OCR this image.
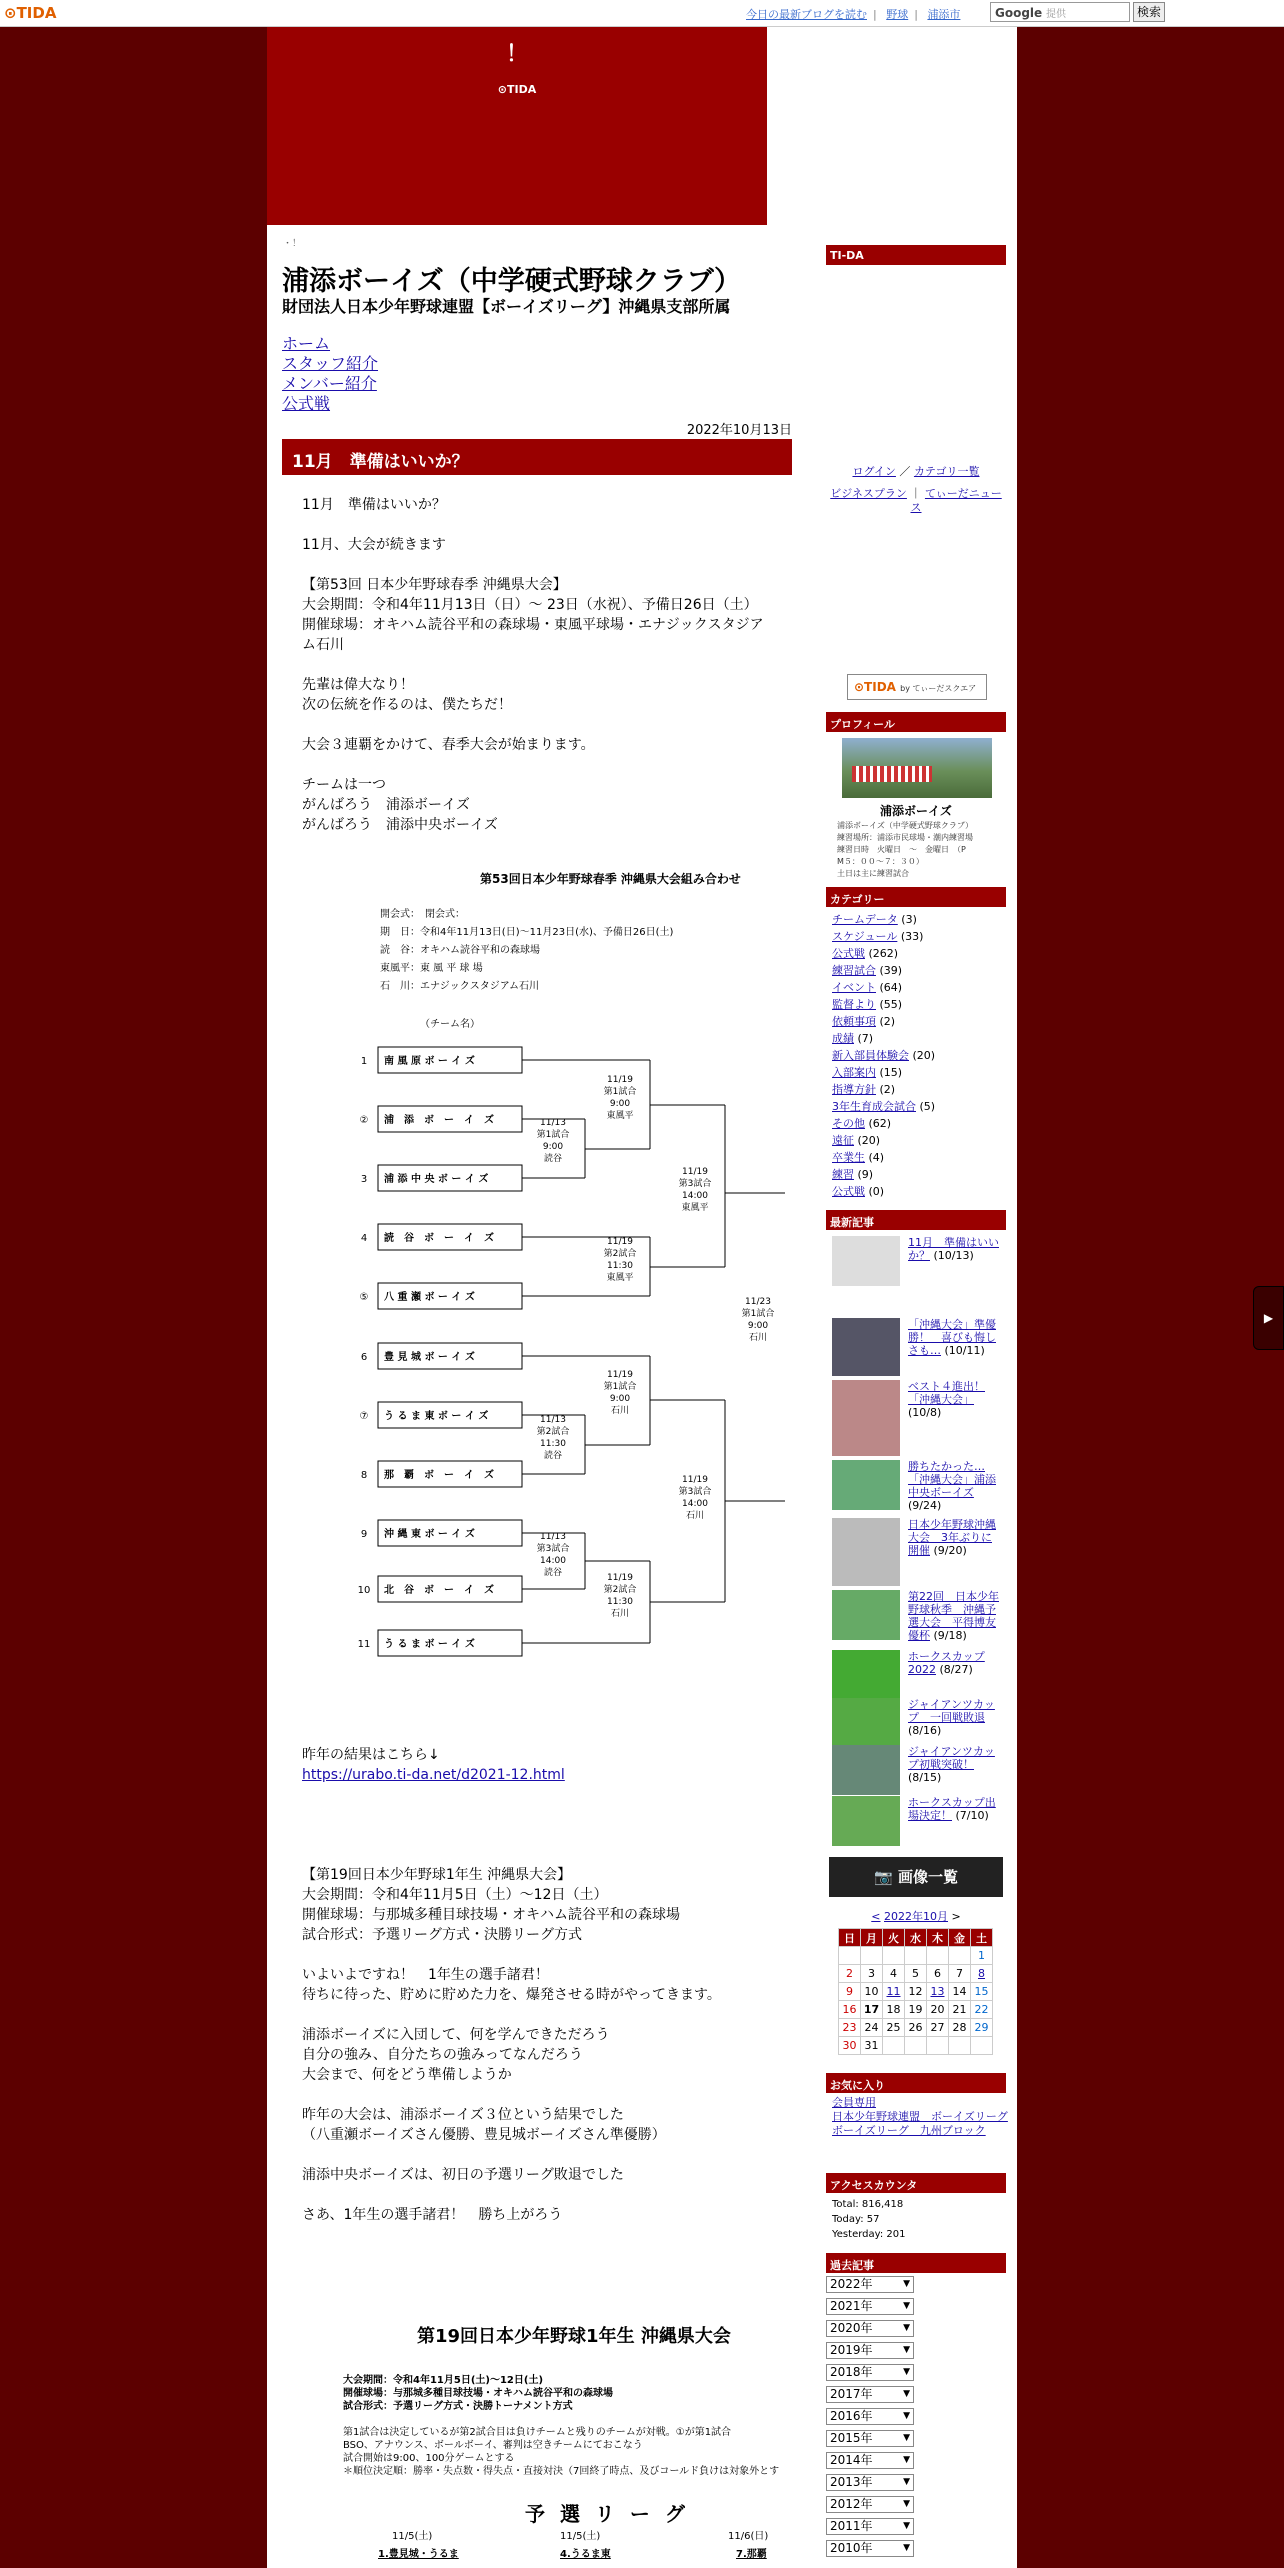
⊙TIDA	今日の最新ブログを読む | 野球 | 浦添市	Google 提供	検索
！
⊙TIDA
・！
浦添ボーイズ（中学硬式野球クラブ）
財団法人日本少年野球連盟【ボーイズリーグ】沖縄県支部所属
ホーム
スタッフ紹介
メンバー紹介
公式戦
2022年10月13日
11月　準備はいいか？

11月　準備はいいか？

11月、大会が続きます

【第53回 日本少年野球春季 沖縄県大会】

大会期間：令和4年11月13日（日）〜 23日（水祝）、予備日26日（土）

開催球場：オキハム読谷平和の森球場・東風平球場・エナジックスタジア

ム石川

先輩は偉大なり！

次の伝統を作るのは、僕たちだ！

大会３連覇をかけて、春季大会が始まります。

チームは一つ

がんばろう　浦添ボーイズ

がんばろう　浦添中央ボーイズ

第53回日本少年野球春季 沖縄県大会組み合わせ
開会式：　閉会式：
期　日：令和4年11月13日(日)〜11月23日(水)、予備日26日(土)
読　谷：オキハム読谷平和の森球場
東風平：東 風 平 球 場
石　川：エナジックスタジアム石川
（チーム名）
1 南 風 原 ボ ー イ ズ
② 浦　添　ボ　ー　イ　ズ
3 浦 添 中 央 ボ ー イ ズ
4 読　谷　ボ　ー　イ　ズ
⑤ 八 重 瀬 ボ ー イ ズ
6 豊 見 城 ボ ー イ ズ
⑦ う る ま 東 ボ ー イ ズ
8 那　覇　ボ　ー　イ　ズ
9 沖 縄 東 ボ ー イ ズ
10 北　谷　ボ　ー　イ　ズ
11 う る ま ボ ー イ ズ
11/13
第1試合
9:00
読谷
11/19
第1試合
9:00
東風平
11/19
第2試合
11:30
東風平
11/19
第3試合
14:00
東風平
11/23
第1試合
9:00
石川
11/13
第2試合
11:30
読谷
11/19
第1試合
9:00
石川
11/13
第3試合
14:00
読谷	11/19
第2試合
11:30
石川
11/19
第3試合
14:00
石川

昨年の結果はこちら↓

https://urabo.ti-da.net/d2021-12.html

【第19回日本少年野球1年生 沖縄県大会】

大会期間：令和4年11月5日（土）〜12日（土）

開催球場：与那城多種目球技場・オキハム読谷平和の森球場

試合形式：予選リーグ方式・決勝リーグ方式

いよいよですね！　1年生の選手諸君！

待ちに待った、貯めに貯めた力を、爆発させる時がやってきます。

浦添ボーイズに入団して、何を学んできただろう

自分の強み、自分たちの強みってなんだろう

大会まで、何をどう準備しようか

昨年の大会は、浦添ボーイズ３位という結果でした

（八重瀬ボーイズさん優勝、豊見城ボーイズさん準優勝）

浦添中央ボーイズは、初日の予選リーグ敗退でした

さあ、1年生の選手諸君！　勝ち上がろう

第19回日本少年野球1年生 沖縄県大会
大会期間：令和4年11月5日(土)〜12日(土)
開催球場：与那城多種目球技場・オキハム読谷平和の森球場
試合形式：予選リーグ方式・決勝トーナメント方式
第1試合は決定しているが第2試合目は負けチームと残りのチームが対戦。①が第1試合
BSO、アナウンス、ボールボーイ、審判は空きチームにておこなう
試合開始は9:00、100分ゲームとする
＊順位決定順：勝率・失点数・得失点・直接対決（7回終了時点、及びコールド負けは対象外とす
予 選 リ ー グ
11/5(土)	11/5(土)	11/6(日)
1.豊見城・うるま	4.うるま東	7.那覇
TI-DA
ログイン ／ カテゴリ一覧
ビジネスプラン ｜ てぃーだニュース
⊙TIDA by てぃーだスクエア
プロフィール
浦添ボーイズ
浦添ボーイズ（中学硬式野球クラブ）
練習場所：浦添市民球場・潮内練習場
練習日時　火曜日　〜　金曜日　（P
M５：００〜７：３０）
土日は主に練習試合
カテゴリー
チームデータ (3)
スケジュール (33)
公式戦 (262)
練習試合 (39)
イベント (64)
監督より (55)
依頼事項 (2)
成績 (7)
新入部員体験会 (20)
入部案内 (15)
指導方針 (2)
3年生育成会試合 (5)
その他 (62)
遠征 (20)
卒業生 (4)
練習 (9)
公式戦 (0)
最新記事
📷 画像一覧
< 2022年10月 >
日	月	火	水	木	金	土
						1
2	3	4	5	6	7	8
9	10	11	12	13	14	15
16	17	18	19	20	21	22
23	24	25	26	27	28	29
30	31					
お気に入り
会員専用
日本少年野球連盟　ボーイズリーグ
ボーイズリーグ　九州ブロック
アクセスカウンタ
Total: 816,418
Today: 57
Yesterday: 201
過去記事
▶
11月　準備はいいか？ (10/13)
「沖縄大会」準優勝！　喜びも悔しさも… (10/11)
ベスト４進出！「沖縄大会」 (10/8)
勝ちたかった…「沖縄大会」浦添中央ボーイズ (9/24)
日本少年野球沖縄大会　3年ぶりに開催 (9/20)
第22回　日本少年野球秋季　沖縄予選大会　平得博友優杯 (9/18)
ホークスカップ2022 (8/27)
ジャイアンツカップ　一回戦敗退 (8/16)
ジャイアンツカップ初戦突破！ (8/15)
ホークスカップ出場決定！ (7/10)
2022年	▼
2021年	▼
2020年	▼
2019年	▼
2018年	▼
2017年	▼
2016年	▼
2015年	▼
2014年	▼
2013年	▼
2012年	▼
2011年	▼
2010年	▼
